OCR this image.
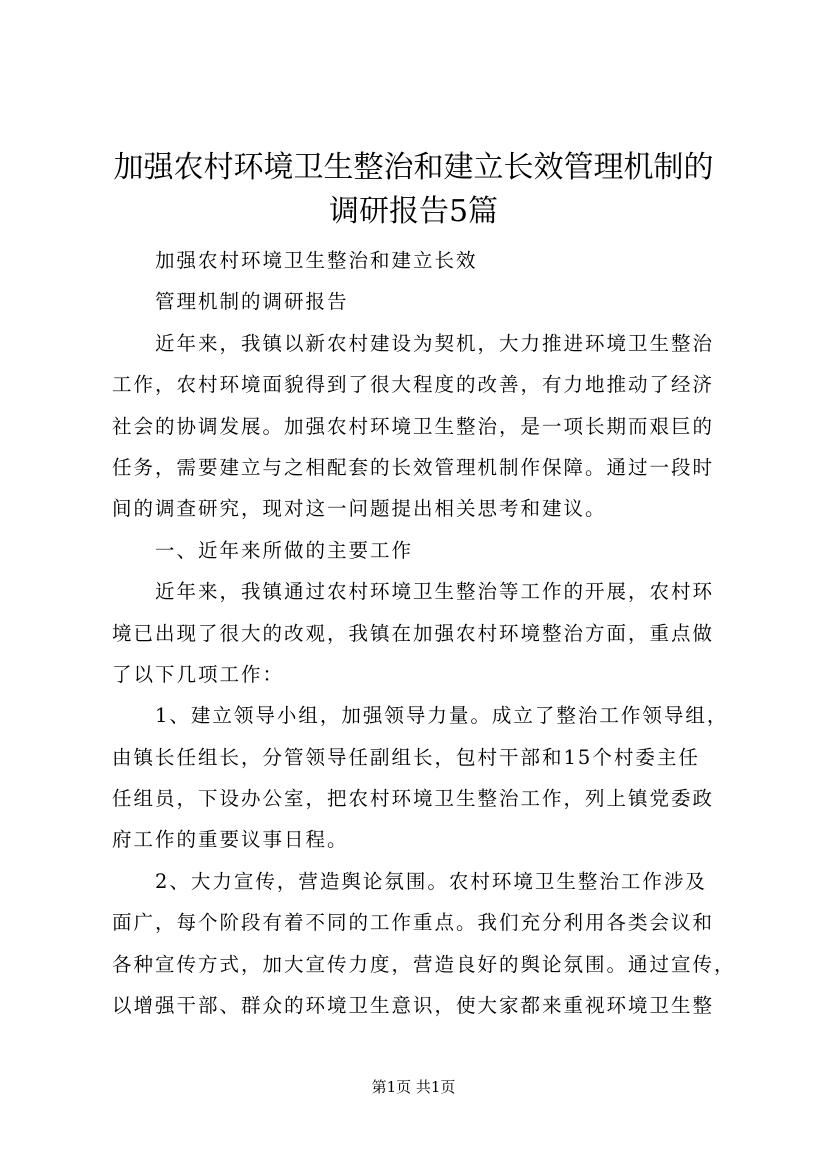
加强农村环境卫生整治和建立长效管理机制的
调研报告5篇
加强农村环境卫生整治和建立长效
管理机制的调研报告
近年来，我镇以新农村建设为契机，大力推进环境卫生整治
工作，农村环境面貌得到了很大程度的改善，有力地推动了经济
社会的协调发展。加强农村环境卫生整治，是一项长期而艰巨的
任务，需要建立与之相配套的长效管理机制作保障。通过一段时
间的调查研究，现对这一问题提出相关思考和建议。
一、近年来所做的主要工作
近年来，我镇通过农村环境卫生整治等工作的开展，农村环
境已出现了很大的改观，我镇在加强农村环境整治方面，重点做
了以下几项工作：
1、建立领导小组，加强领导力量。成立了整治工作领导组，
由镇长任组长，分管领导任副组长，包村干部和15个村委主任
任组员，下设办公室，把农村环境卫生整治工作，列上镇党委政
府工作的重要议事日程。
2、大力宣传，营造舆论氛围。农村环境卫生整治工作涉及
面广，每个阶段有着不同的工作重点。我们充分利用各类会议和
各种宣传方式，加大宣传力度，营造良好的舆论氛围。通过宣传，
以增强干部、群众的环境卫生意识，使大家都来重视环境卫生整
第1页 共1页
